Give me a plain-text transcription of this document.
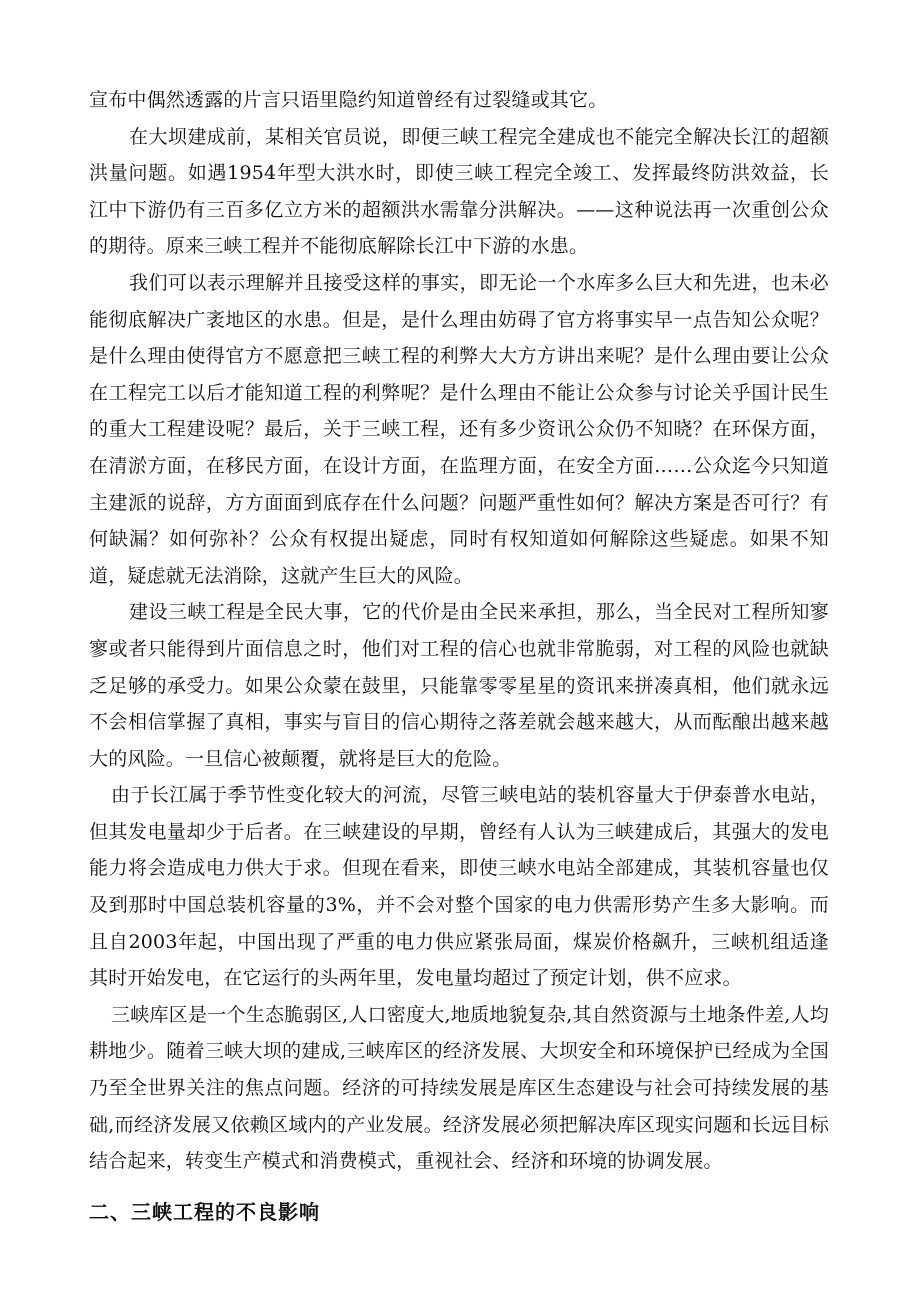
宣布中偶然透露的片言只语里隐约知道曾经有过裂缝或其它。

在大坝建成前，某相关官员说，即便三峡工程完全建成也不能完全解决长江的超额洪量问题。如遇1954年型大洪水时，即使三峡工程完全竣工、发挥最终防洪效益，长江中下游仍有三百多亿立方米的超额洪水需靠分洪解决。——这种说法再一次重创公众的期待。原来三峡工程并不能彻底解除长江中下游的水患。

我们可以表示理解并且接受这样的事实，即无论一个水库多么巨大和先进，也未必能彻底解决广袤地区的水患。但是，是什么理由妨碍了官方将事实早一点告知公众呢？是什么理由使得官方不愿意把三峡工程的利弊大大方方讲出来呢？是什么理由要让公众在工程完工以后才能知道工程的利弊呢？是什么理由不能让公众参与讨论关乎国计民生的重大工程建设呢？最后，关于三峡工程，还有多少资讯公众仍不知晓？在环保方面，在清淤方面，在移民方面，在设计方面，在监理方面，在安全方面……公众迄今只知道主建派的说辞，方方面面到底存在什么问题？问题严重性如何？解决方案是否可行？有何缺漏？如何弥补？公众有权提出疑虑，同时有权知道如何解除这些疑虑。如果不知道，疑虑就无法消除，这就产生巨大的风险。

建设三峡工程是全民大事，它的代价是由全民来承担，那么，当全民对工程所知寥寥或者只能得到片面信息之时，他们对工程的信心也就非常脆弱，对工程的风险也就缺乏足够的承受力。如果公众蒙在鼓里，只能靠零零星星的资讯来拼凑真相，他们就永远不会相信掌握了真相，事实与盲目的信心期待之落差就会越来越大，从而酝酿出越来越大的风险。一旦信心被颠覆，就将是巨大的危险。

由于长江属于季节性变化较大的河流，尽管三峡电站的装机容量大于伊泰普水电站，但其发电量却少于后者。在三峡建设的早期，曾经有人认为三峡建成后，其强大的发电能力将会造成电力供大于求。但现在看来，即使三峡水电站全部建成，其装机容量也仅及到那时中国总装机容量的3%，并不会对整个国家的电力供需形势产生多大影响。而且自2003年起，中国出现了严重的电力供应紧张局面，煤炭价格飙升，三峡机组适逢其时开始发电，在它运行的头两年里，发电量均超过了预定计划，供不应求。

三峡库区是一个生态脆弱区,人口密度大,地质地貌复杂,其自然资源与土地条件差,人均耕地少。随着三峡大坝的建成,三峡库区的经济发展、大坝安全和环境保护已经成为全国乃至全世界关注的焦点问题。经济的可持续发展是库区生态建设与社会可持续发展的基础,而经济发展又依赖区域内的产业发展。经济发展必须把解决库区现实问题和长远目标结合起来，转变生产模式和消费模式，重视社会、经济和环境的协调发展。

二、三峡工程的不良影响
